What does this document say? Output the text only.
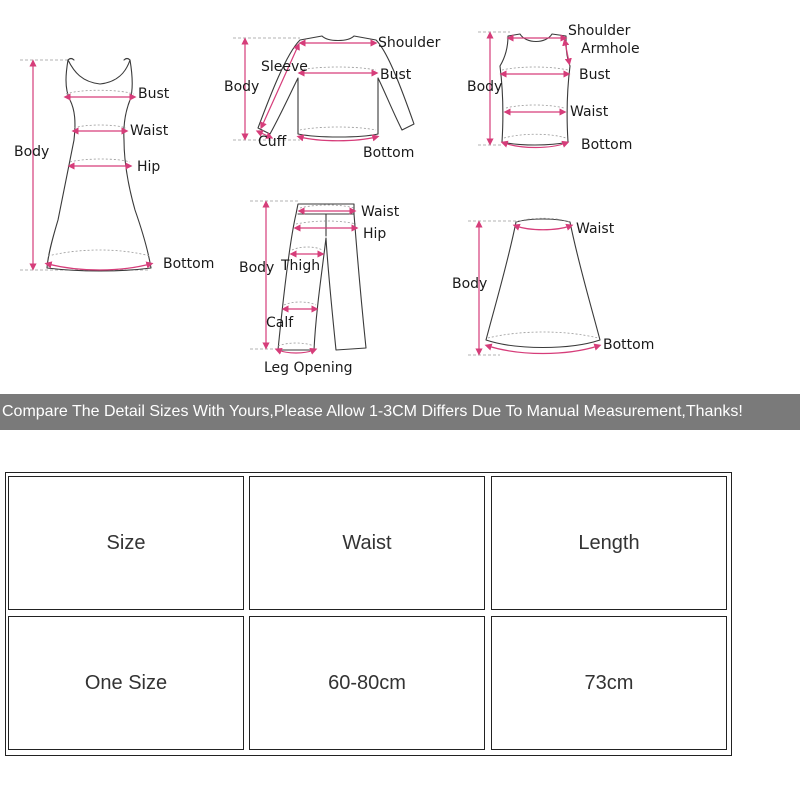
Bust
Waist
Hip
Body
Bottom
Shoulder
Sleeve	Bust
Body
Cuff
Bottom
Shoulder
Armhole
Bust
Body
Waist
Bottom
Waist
Hip
Body Thigh
Calf
Leg Opening
Waist
Body
Bottom
Compare The Detail Sizes With Yours,Please Allow 1-3CM Differs Due To Manual Measurement,Thanks!
Size	Waist	Length
One Size	60-80cm	73cm
